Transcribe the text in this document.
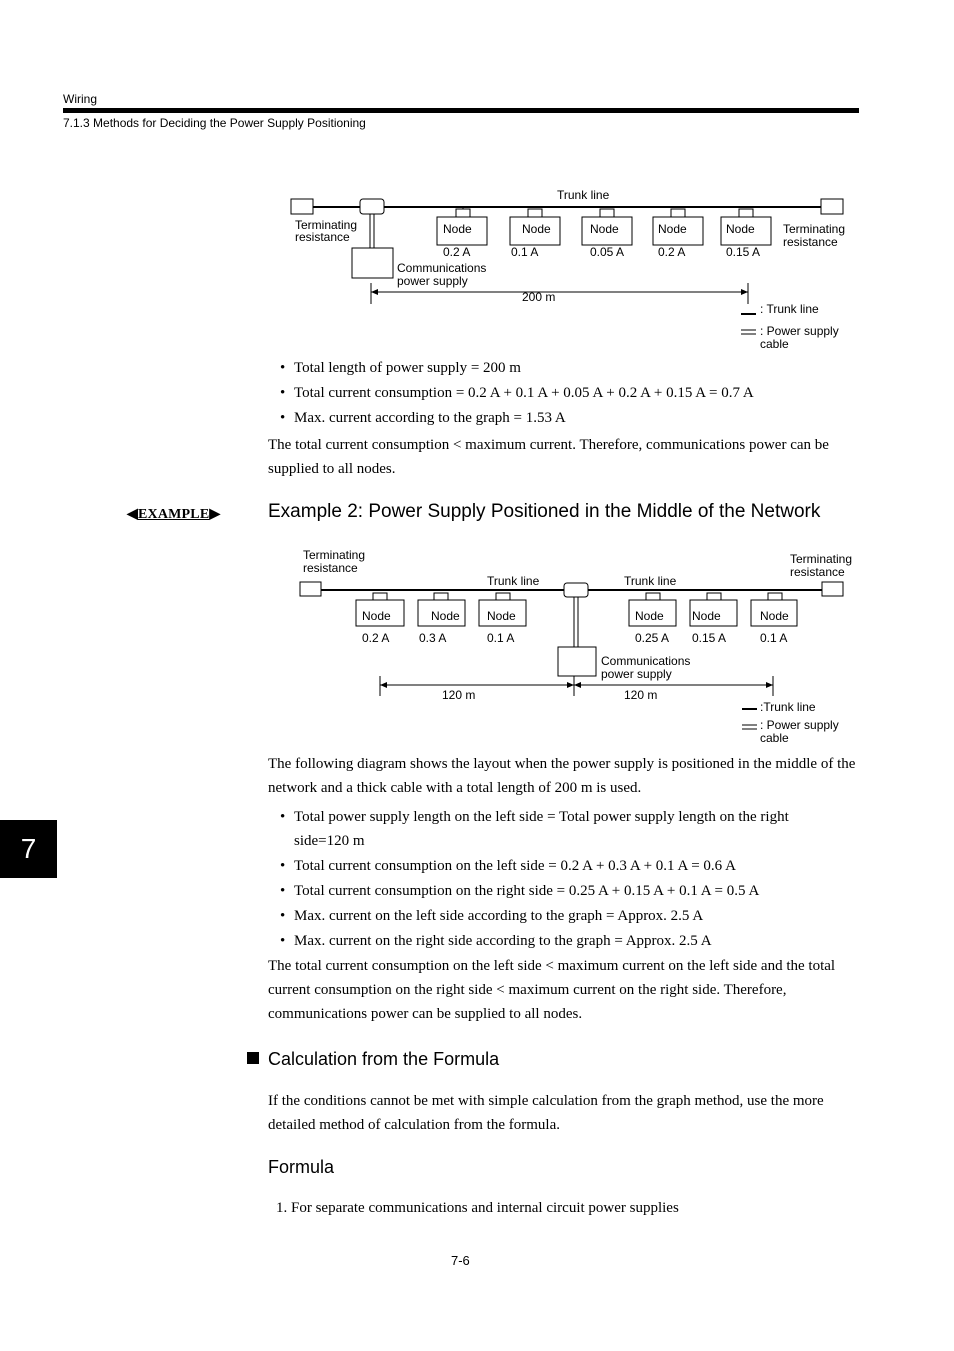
Wiring
7.1.3 Methods for Deciding the Power Supply Positioning
Node	Node	Node	Node	Node
0.2 A	0.1 A	0.05 A	0.2 A	0.15 A
Trunk line
Terminating
resistance
Terminating
resistance
Communications
power supply
200 m
: Trunk line
: Power supply
cable
• Total length of power supply = 200 m
• Total current consumption = 0.2 A + 0.1 A + 0.05 A + 0.2 A + 0.15 A = 0.7 A
• Max. current according to the graph = 1.53 A
The total current consumption < maximum current. Therefore, communications power can be supplied to all nodes.
◀EXAMPLE▶	Example 2: Power Supply Positioned in the Middle of the Network
Terminating
resistance
Terminating
resistance
Trunk line	Trunk line
Communications
power supply
Node	Node Node	Node Node	Node
0.2 A 0.3 A	0.1 A	0.25 A 0.15 A	0.1 A
120 m	120 m
:Trunk line
: Power supply
cable
The following diagram shows the layout when the power supply is positioned in the middle of the network and a thick cable with a total length of 200 m is used.
• Total power supply length on the left side = Total power supply length on the right side=120 m
• Total current consumption on the left side = 0.2 A + 0.3 A + 0.1 A = 0.6 A
• Total current consumption on the right side = 0.25 A + 0.15 A + 0.1 A = 0.5 A
• Max. current on the left side according to the graph = Approx. 2.5 A
• Max. current on the right side according to the graph = Approx. 2.5 A
The total current consumption on the left side < maximum current on the left side and the total current consumption on the right side < maximum current on the right side. Therefore, communications power can be supplied to all nodes.
Calculation from the Formula
If the conditions cannot be met with simple calculation from the graph method, use the more detailed method of calculation from the formula.
Formula
1. For separate communications and internal circuit power supplies
7
7-6
